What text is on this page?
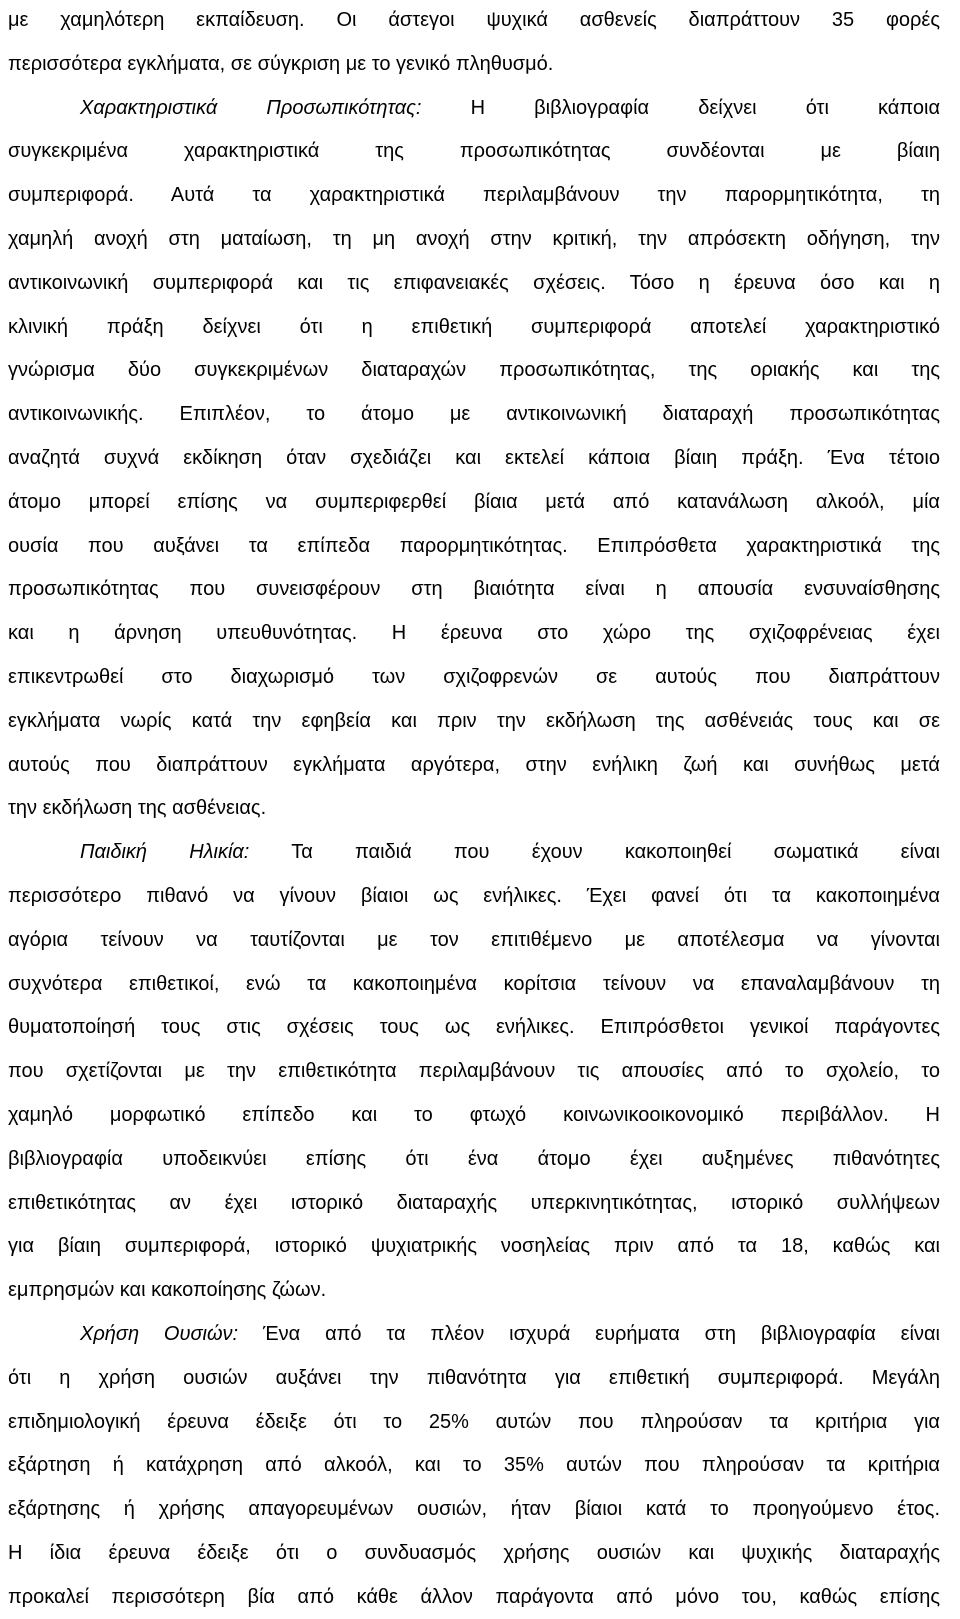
με χαμηλότερη εκπαίδευση. Οι άστεγοι ψυχικά ασθενείς διαπράττουν 35 φορές
περισσότερα εγκλήματα, σε σύγκριση με το γενικό πληθυσμό.
Χαρακτηριστικά Προσωπικότητας: Η βιβλιογραφία δείχνει ότι κάποια
συγκεκριμένα χαρακτηριστικά της προσωπικότητας συνδέονται με βίαιη
συμπεριφορά. Αυτά τα χαρακτηριστικά περιλαμβάνουν την παρορμητικότητα, τη
χαμηλή ανοχή στη ματαίωση, τη μη ανοχή στην κριτική, την απρόσεκτη οδήγηση, την
αντικοινωνική συμπεριφορά και τις επιφανειακές σχέσεις. Τόσο η έρευνα όσο και η
κλινική πράξη δείχνει ότι η επιθετική συμπεριφορά αποτελεί χαρακτηριστικό
γνώρισμα δύο συγκεκριμένων διαταραχών προσωπικότητας, της οριακής και της
αντικοινωνικής. Επιπλέον, το άτομο με αντικοινωνική διαταραχή προσωπικότητας
αναζητά συχνά εκδίκηση όταν σχεδιάζει και εκτελεί κάποια βίαιη πράξη. Ένα τέτοιο
άτομο μπορεί επίσης να συμπεριφερθεί βίαια μετά από κατανάλωση αλκοόλ, μία
ουσία που αυξάνει τα επίπεδα παρορμητικότητας. Επιπρόσθετα χαρακτηριστικά της
προσωπικότητας που συνεισφέρουν στη βιαιότητα είναι η απουσία ενσυναίσθησης
και η άρνηση υπευθυνότητας. Η έρευνα στο χώρο της σχιζοφρένειας έχει
επικεντρωθεί στο διαχωρισμό των σχιζοφρενών σε αυτούς που διαπράττουν
εγκλήματα νωρίς κατά την εφηβεία και πριν την εκδήλωση της ασθένειάς τους και σε
αυτούς που διαπράττουν εγκλήματα αργότερα, στην ενήλικη ζωή και συνήθως μετά
την εκδήλωση της ασθένειας.
Παιδική Ηλικία: Τα παιδιά που έχουν κακοποιηθεί σωματικά είναι
περισσότερο πιθανό να γίνουν βίαιοι ως ενήλικες. Έχει φανεί ότι τα κακοποιημένα
αγόρια τείνουν να ταυτίζονται με τον επιτιθέμενο με αποτέλεσμα να γίνονται
συχνότερα επιθετικοί, ενώ τα κακοποιημένα κορίτσια τείνουν να επαναλαμβάνουν τη
θυματοποίησή τους στις σχέσεις τους ως ενήλικες. Επιπρόσθετοι γενικοί παράγοντες
που σχετίζονται με την επιθετικότητα περιλαμβάνουν τις απουσίες από το σχολείο, το
χαμηλό μορφωτικό επίπεδο και το φτωχό κοινωνικοοικονομικό περιβάλλον. Η
βιβλιογραφία υποδεικνύει επίσης ότι ένα άτομο έχει αυξημένες πιθανότητες
επιθετικότητας αν έχει ιστορικό διαταραχής υπερκινητικότητας, ιστορικό συλλήψεων
για βίαιη συμπεριφορά, ιστορικό ψυχιατρικής νοσηλείας πριν από τα 18, καθώς και
εμπρησμών και κακοποίησης ζώων.
Χρήση Ουσιών: Ένα από τα πλέον ισχυρά ευρήματα στη βιβλιογραφία είναι
ότι η χρήση ουσιών αυξάνει την πιθανότητα για επιθετική συμπεριφορά. Μεγάλη
επιδημιολογική έρευνα έδειξε ότι το 25% αυτών που πληρούσαν τα κριτήρια για
εξάρτηση ή κατάχρηση από αλκοόλ, και το 35% αυτών που πληρούσαν τα κριτήρια
εξάρτησης ή χρήσης απαγορευμένων ουσιών, ήταν βίαιοι κατά το προηγούμενο έτος.
Η ίδια έρευνα έδειξε ότι ο συνδυασμός χρήσης ουσιών και ψυχικής διαταραχής
προκαλεί περισσότερη βία από κάθε άλλον παράγοντα από μόνο του, καθώς επίσης
